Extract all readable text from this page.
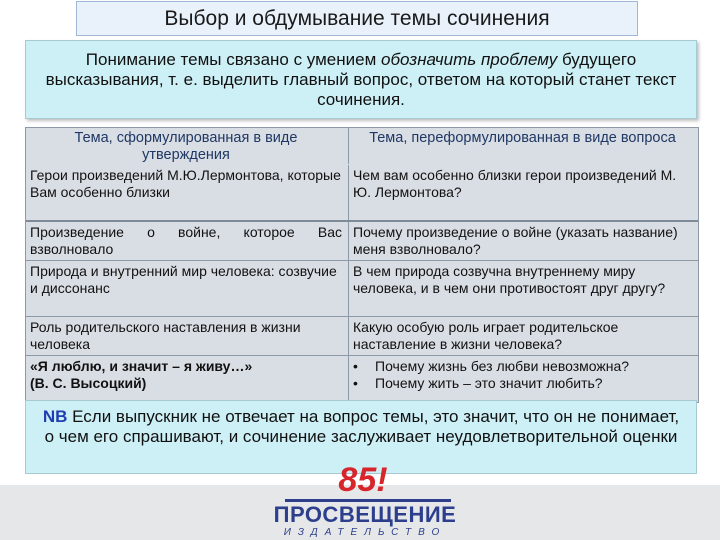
Выбор и обдумывание темы сочинения

Понимание темы связано с умением обозначить проблему будущего высказывания, т. е. выделить главный вопрос, ответом на который станет текст сочинения.

Тема, сформулированная в виде утверждения
Тема, переформулированная в виде вопроса
Герои произведений М.Ю.Лермонтова, которые Вам особенно близки
Чем вам особенно близки герои произведений М. Ю. Лермонтова?
Произведение о войне, которое Вас взволновало
Почему произведение о войне (указать название) меня взволновало?
Природа и внутренний мир человека: созвучие и диссонанс
В чем природа созвучна внутреннему миру человека, и в чем они противостоят друг другу?
Роль родительского наставления в жизни человека
Какую особую роль играет родительское наставление в жизни человека?
«Я люблю, и значит – я живу…»
(В. С. Высоцкий)
•	Почему жизнь без любви невозможна?
•	Почему жить – это значит любить?

NB Если выпускник не отвечает на вопрос темы, это значит, что он не понимает, о чем его спрашивают, и сочинение заслуживает неудовлетворительной оценки

85!
ПРОСВЕЩЕНИЕ
ИЗДАТЕЛЬСТВО
